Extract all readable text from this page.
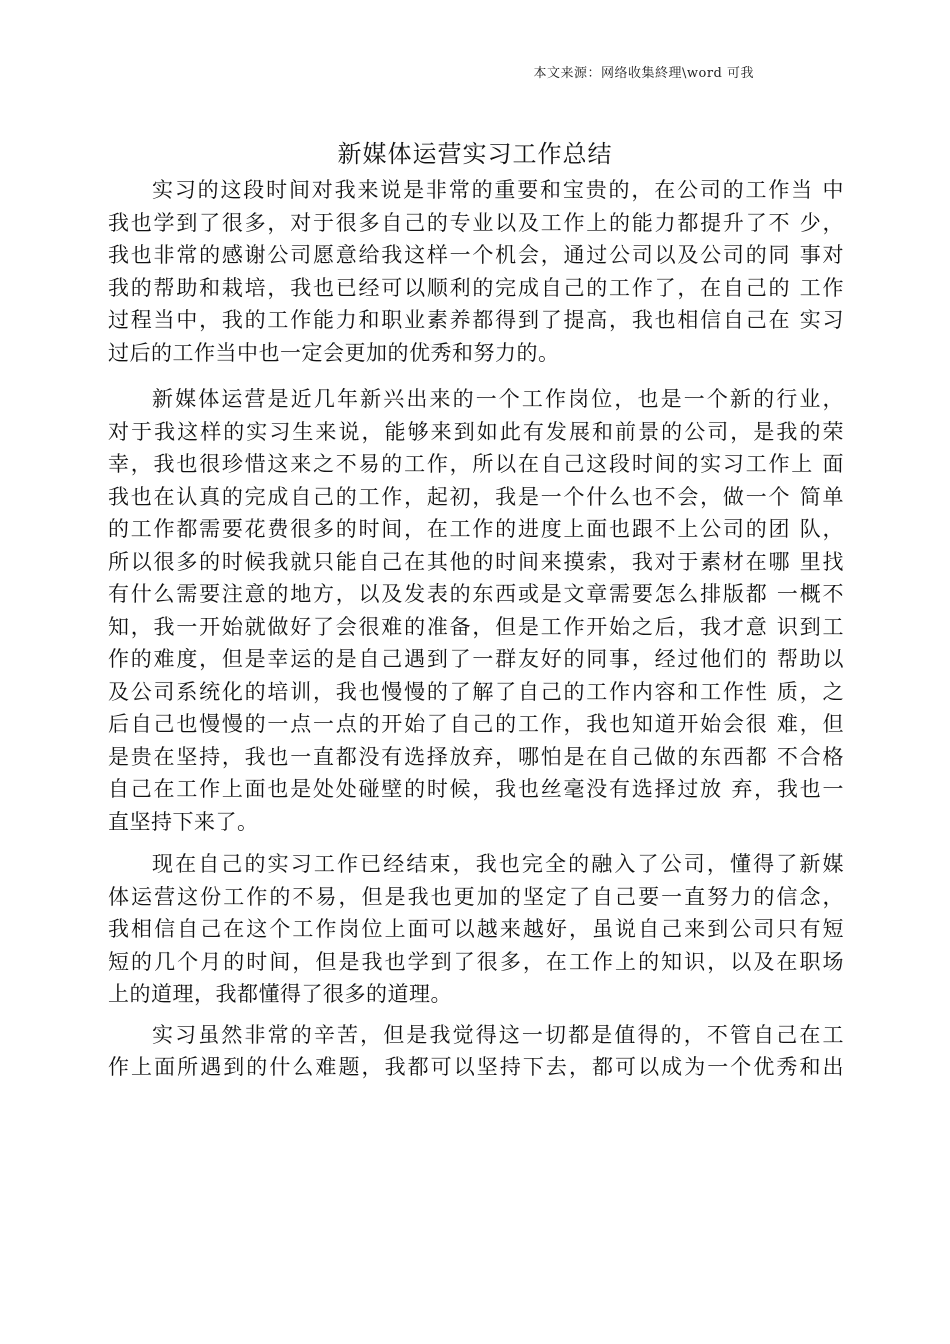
本文来源：网络收集終理\word 可我
新媒体运营实习工作总结
实习的这段时间对我来说是非常的重要和宝贵的，在公司的工作当 中
我也学到了很多，对于很多自己的专业以及工作上的能力都提升了不 少，
我也非常的感谢公司愿意给我这样一个机会，通过公司以及公司的同 事对
我的帮助和栽培，我也已经可以顺利的完成自己的工作了，在自己的 工作
过程当中，我的工作能力和职业素养都得到了提高，我也相信自己在 实习
过后的工作当中也一定会更加的优秀和努力的。
新媒体运营是近几年新兴出来的一个工作岗位，也是一个新的行业，
对于我这样的实习生来说，能够来到如此有发展和前景的公司，是我的荣
幸，我也很珍惜这来之不易的工作，所以在自己这段时间的实习工作上 面
我也在认真的完成自己的工作，起初，我是一个什么也不会，做一个 简单
的工作都需要花费很多的时间，在工作的进度上面也跟不上公司的团 队，
所以很多的时候我就只能自己在其他的时间来摸索，我对于素材在哪 里找
有什么需要注意的地方，以及发表的东西或是文章需要怎么排版都 一概不
知，我一开始就做好了会很难的准备，但是工作开始之后，我才意 识到工
作的难度，但是幸运的是自己遇到了一群友好的同事，经过他们的 帮助以
及公司系统化的培训，我也慢慢的了解了自己的工作内容和工作性 质，之
后自己也慢慢的一点一点的开始了自己的工作，我也知道开始会很 难，但
是贵在坚持，我也一直都没有选择放弃，哪怕是在自己做的东西都 不合格
自己在工作上面也是处处碰壁的时候，我也丝毫没有选择过放 弃，我也一
直坚持下来了。
现在自己的实习工作已经结束，我也完全的融入了公司，懂得了新媒
体运营这份工作的不易，但是我也更加的坚定了自己要一直努力的信念，
我相信自己在这个工作岗位上面可以越来越好，虽说自己来到公司只有短
短的几个月的时间，但是我也学到了很多，在工作上的知识，以及在职场
上的道理，我都懂得了很多的道理。
实习虽然非常的辛苦，但是我觉得这一切都是值得的，不管自己在工
作上面所遇到的什么难题，我都可以坚持下去，都可以成为一个优秀和出
